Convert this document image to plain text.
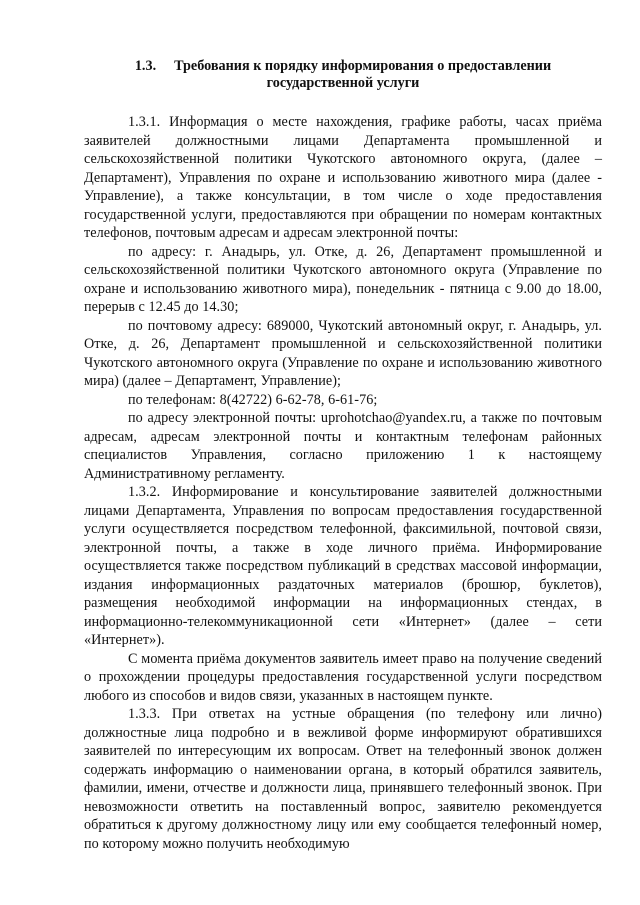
1.3. Требования к порядку информирования о предоставлении государственной услуги

1.3.1. Информация о месте нахождения, графике работы, часах приёма заявителей должностными лицами Департамента промышленной и сельскохозяйственной политики Чукотского автономного округа, (далее – Департамент), Управления по охране и использованию животного мира (далее - Управление), а также консультации, в том числе о ходе предоставления государственной услуги, предоставляются при обращении по номерам контактных телефонов, почтовым адресам и адресам электронной почты:

по адресу: г. Анадырь, ул. Отке, д. 26, Департамент промышленной и сельскохозяйственной политики Чукотского автономного округа (Управление по охране и использованию животного мира), понедельник - пятница с 9.00 до 18.00, перерыв с 12.45 до 14.30;

по почтовому адресу: 689000, Чукотский автономный округ, г. Анадырь, ул. Отке, д. 26, Департамент промышленной и сельскохозяйственной политики Чукотского автономного округа (Управление по охране и использованию животного мира) (далее – Департамент, Управление);

по телефонам: 8(42722) 6-62-78, 6-61-76;

по адресу электронной почты: uprohotchao@yandex.ru, а также по почтовым адресам, адресам электронной почты и контактным телефонам районных специалистов Управления, согласно приложению 1 к настоящему Административному регламенту.

1.3.2. Информирование и консультирование заявителей должностными лицами Департамента, Управления по вопросам предоставления государственной услуги осуществляется посредством телефонной, факсимильной, почтовой связи, электронной почты, а также в ходе личного приёма. Информирование осуществляется также посредством публикаций в средствах массовой информации, издания информационных раздаточных материалов (брошюр, буклетов), размещения необходимой информации на информационных стендах, в информационно-телекоммуникационной сети «Интернет» (далее – сети «Интернет»).

С момента приёма документов заявитель имеет право на получение сведений о прохождении процедуры предоставления государственной услуги посредством любого из способов и видов связи, указанных в настоящем пункте.

1.3.3. При ответах на устные обращения (по телефону или лично) должностные лица подробно и в вежливой форме информируют обратившихся заявителей по интересующим их вопросам. Ответ на телефонный звонок должен содержать информацию о наименовании органа, в который обратился заявитель, фамилии, имени, отчестве и должности лица, принявшего телефонный звонок. При невозможности ответить на поставленный вопрос, заявителю рекомендуется обратиться к другому должностному лицу или ему сообщается телефонный номер, по которому можно получить необходимую
